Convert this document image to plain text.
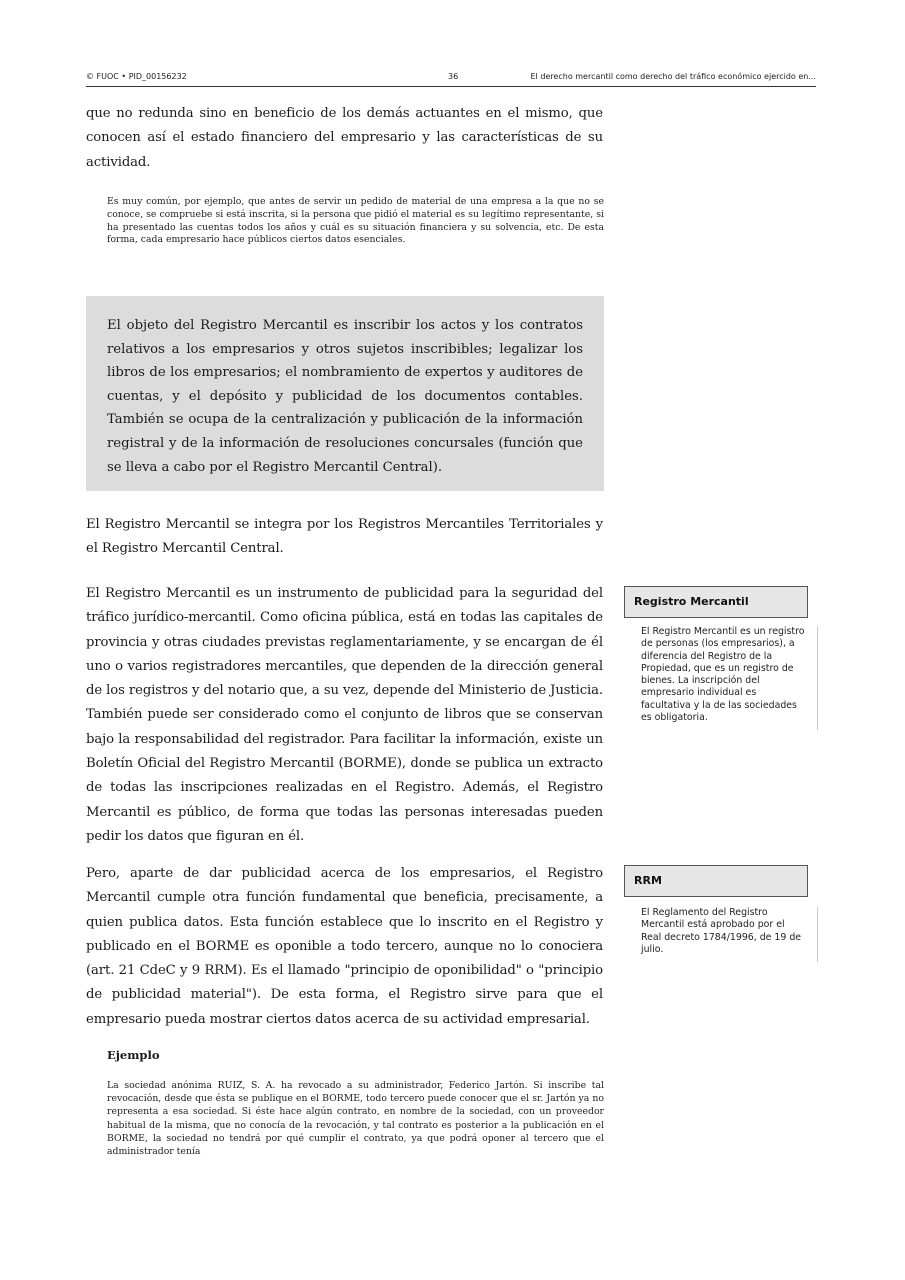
© FUOC • PID_00156232	36	El derecho mercantil como derecho del tráfico económico ejercido en...
que no redunda sino en beneficio de los demás actuantes en el mismo, que conocen así el estado financiero del empresario y las características de su actividad.
Es muy común, por ejemplo, que antes de servir un pedido de material de una empresa a la que no se conoce, se compruebe si está inscrita, si la persona que pidió el material es su legítimo representante, si ha presentado las cuentas todos los años y cuál es su situación financiera y su solvencia, etc. De esta forma, cada empresario hace públicos ciertos datos esenciales.

El objeto del Registro Mercantil es inscribir los actos y los contratos relativos a los empresarios y otros sujetos inscribibles; legalizar los libros de los empresarios; el nombramiento de expertos y auditores de cuentas, y el depósito y publicidad de los documentos contables. También se ocupa de la centralización y publicación de la información registral y de la información de resoluciones concursales (función que se lleva a cabo por el Registro Mercantil Central).

El Registro Mercantil se integra por los Registros Mercantiles Territoriales y el Registro Mercantil Central.
El Registro Mercantil es un instrumento de publicidad para la seguridad del tráfico jurídico-mercantil. Como oficina pública, está en todas las capitales de provincia y otras ciudades previstas reglamentariamente, y se encargan de él uno o varios registradores mercantiles, que dependen de la dirección general de los registros y del notario que, a su vez, depende del Ministerio de Justicia. También puede ser considerado como el conjunto de libros que se conservan bajo la responsabilidad del registrador. Para facilitar la información, existe un Boletín Oficial del Registro Mercantil (BORME), donde se publica un extracto de todas las inscripciones realizadas en el Registro. Además, el Registro Mercantil es público, de forma que todas las personas interesadas pueden pedir los datos que figuran en él.
Pero, aparte de dar publicidad acerca de los empresarios, el Registro Mercantil cumple otra función fundamental que beneficia, precisamente, a quien publica datos. Esta función establece que lo inscrito en el Registro y publicado en el BORME es oponible a todo tercero, aunque no lo conociera (art. 21 CdeC y 9 RRM). Es el llamado "principio de oponibilidad" o "principio de publicidad material"). De esta forma, el Registro sirve para que el empresario pueda mostrar ciertos datos acerca de su actividad empresarial.
Ejemplo
La sociedad anónima RUIZ, S. A. ha revocado a su administrador, Federico Jartón. Si inscribe tal revocación, desde que ésta se publique en el BORME, todo tercero puede conocer que el sr. Jartón ya no representa a esa sociedad. Si éste hace algún contrato, en nombre de la sociedad, con un proveedor habitual de la misma, que no conocía de la revocación, y tal contrato es posterior a la publicación en el BORME, la sociedad no tendrá por qué cumplir el contrato, ya que podrá oponer al tercero que el administrador tenía
Registro Mercantil
El Registro Mercantil es un registro de personas (los empresarios), a diferencia del Registro de la Propiedad, que es un registro de bienes. La inscripción del empresario individual es facultativa y la de las sociedades es obligatoria.
RRM
El Reglamento del Registro Mercantil está aprobado por el Real decreto 1784/1996, de 19 de julio.
